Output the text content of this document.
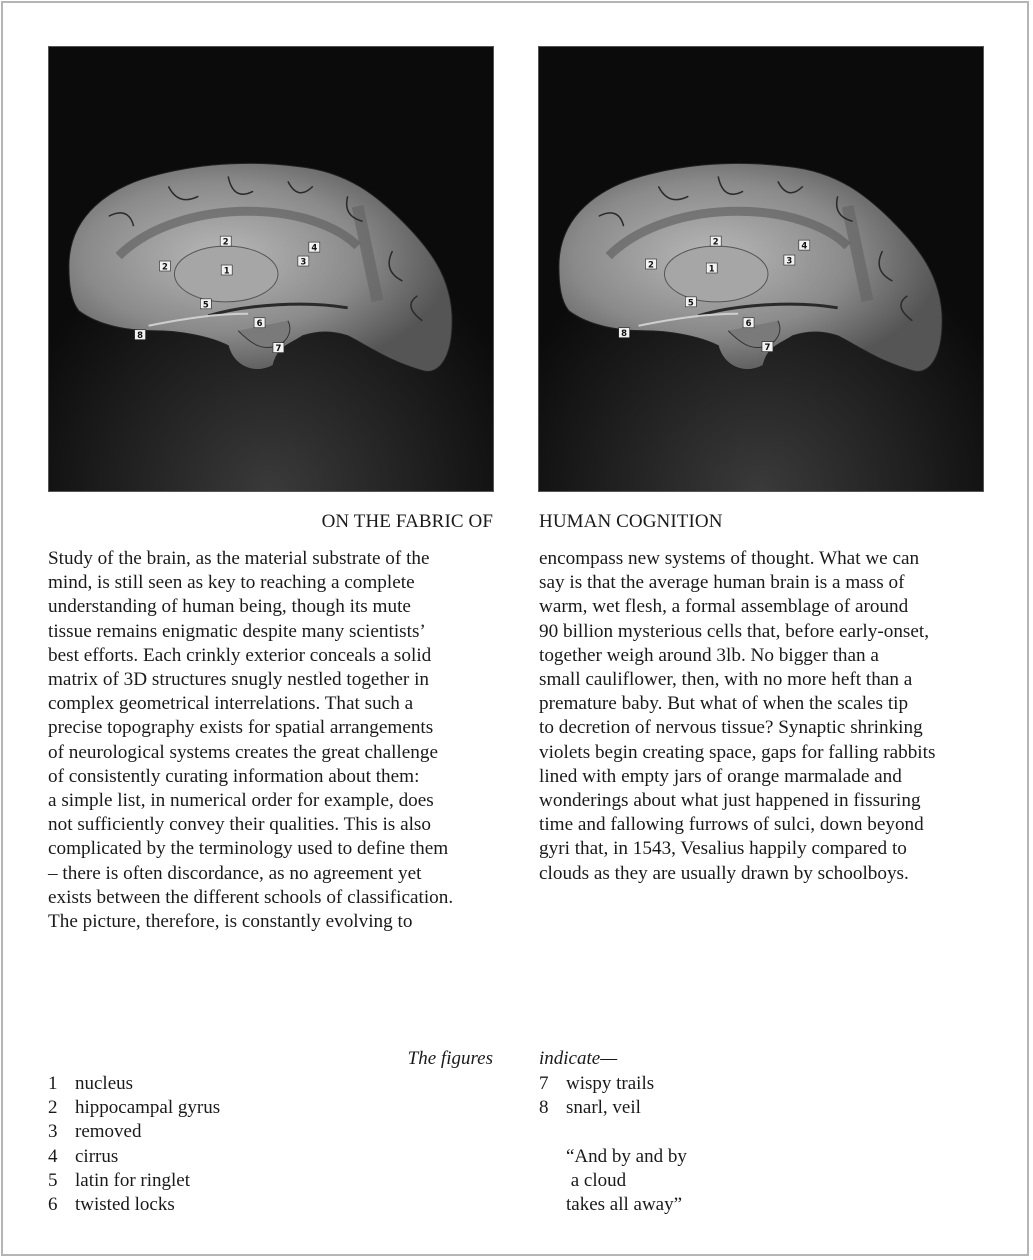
2
2	1
3
4
5
6
7
8
2
2	1
3
4
5
6
7
8
ON THE FABRIC OF HUMAN COGNITION
Study of the brain, as the material substrate of the
mind, is still seen as key to reaching a complete
understanding of human being, though its mute
tissue remains enigmatic despite many scientists’
best efforts. Each crinkly exterior conceals a solid
matrix of 3D structures snugly nestled together in
complex geometrical interrelations. That such a
precise topography exists for spatial arrangements
of neurological systems creates the great challenge
of consistently curating information about them:
a simple list, in numerical order for example, does
not sufficiently convey their qualities. This is also
complicated by the terminology used to define them
– there is often discordance, as no agreement yet
exists between the different schools of classification.
The picture, therefore, is constantly evolving to
encompass new systems of thought. What we can
say is that the average human brain is a mass of
warm, wet flesh, a formal assemblage of around
90 billion mysterious cells that, before early-onset,
together weigh around 3lb. No bigger than a
small cauliflower, then, with no more heft than a
premature baby. But what of when the scales tip
to decretion of nervous tissue? Synaptic shrinking
violets begin creating space, gaps for falling rabbits
lined with empty jars of orange marmalade and
wonderings about what just happened in fissuring
time and fallowing furrows of sulci, down beyond
gyri that, in 1543, Vesalius happily compared to
clouds as they are usually drawn by schoolboys.
The figures indicate—
1 nucleus
2 hippocampal gyrus
3 removed
4 cirrus
5 latin for ringlet
6 twisted locks
7 wispy trails
8 snarl, veil
“And by and by
a cloud
takes all away”
